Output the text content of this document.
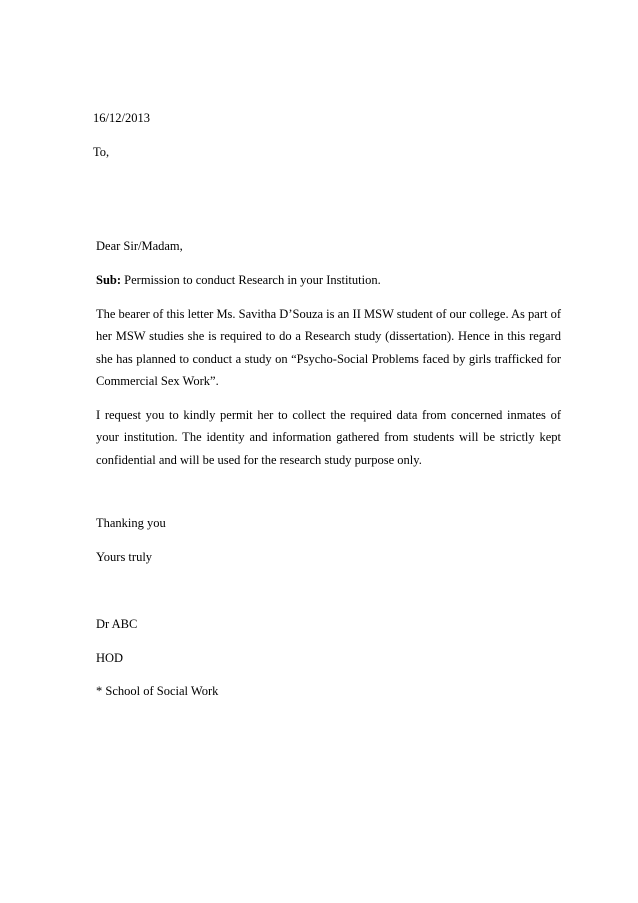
16/12/2013
To,
Dear Sir/Madam,
Sub: Permission to conduct Research in your Institution.
The bearer of this letter Ms. Savitha D’Souza is an II MSW student of our college. As part of her MSW studies she is required to do a Research study (dissertation). Hence in this regard she has planned to conduct a study on “Psycho-Social Problems faced by girls trafficked for Commercial Sex Work”.
I request you to kindly permit her to collect the required data from concerned inmates of your institution. The identity and information gathered from students will be strictly kept confidential and will be used for the research study purpose only.
Thanking you
Yours truly
Dr ABC
HOD
* School of Social Work
